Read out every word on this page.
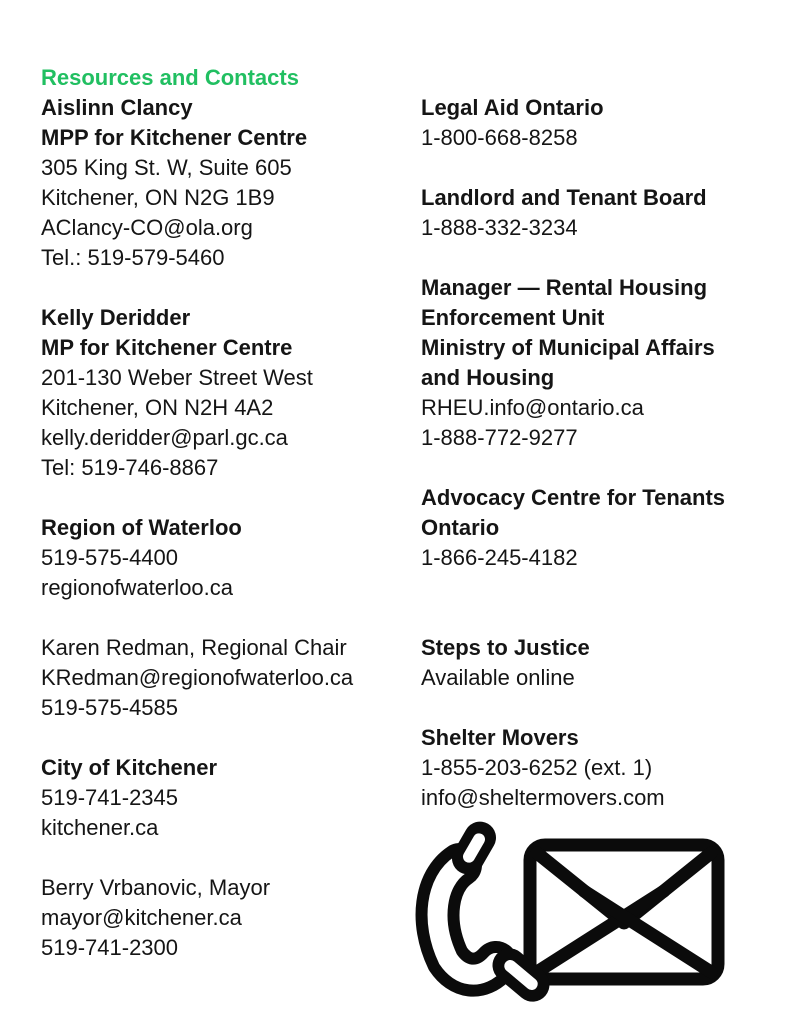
Resources and Contacts
Aislinn Clancy
MPP for Kitchener Centre
305 King St. W, Suite 605
Kitchener, ON N2G 1B9
AClancy-CO@ola.org
Tel.: 519-579-5460
Kelly Deridder
MP for Kitchener Centre
201-130 Weber Street West
Kitchener, ON N2H 4A2
kelly.deridder@parl.gc.ca
Tel: 519-746-8867
Region of Waterloo
519-575-4400
regionofwaterloo.ca
Karen Redman, Regional Chair
KRedman@regionofwaterloo.ca
519-575-4585
City of Kitchener
519-741-2345
kitchener.ca
Berry Vrbanovic, Mayor
mayor@kitchener.ca
519-741-2300
Legal Aid Ontario
1-800-668-8258
Landlord and Tenant Board
1-888-332-3234
Manager — Rental Housing
Enforcement Unit
Ministry of Municipal Affairs
and Housing
RHEU.info@ontario.ca
1-888-772-9277
Advocacy Centre for Tenants
Ontario
1-866-245-4182
Steps to Justice
Available online
Shelter Movers
1-855-203-6252 (ext. 1)
info@sheltermovers.com
